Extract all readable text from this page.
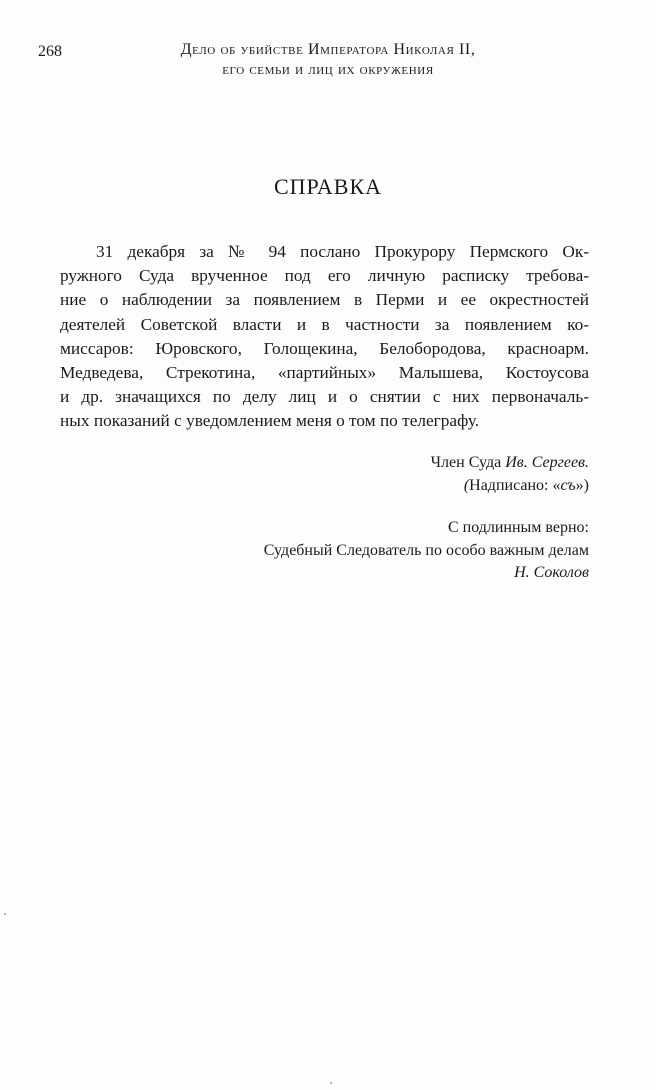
268	Дело об убийстве Императора Николая II,
его семьи и лиц их окружения
СПРАВКА
31 декабря за № 94 послано Прокурору Пермского Ок-
ружного Суда врученное под его личную расписку требова-
ние о наблюдении за появлением в Перми и ее окрестностей
деятелей Советской власти и в частности за появлением ко-
миссаров: Юровского, Голощекина, Белобородова, красноарм.
Медведева, Стрекотина, «партийных» Малышева, Костоусова
и др. значащихся по делу лиц и о снятии с них первоначаль-
ных показаний с уведомлением меня о том по телеграфу.
Член Суда Ив. Сергеев.
(Надписано: «съ»)
С подлинным верно:
Судебный Следователь по особо важным делам
Н. Соколов
